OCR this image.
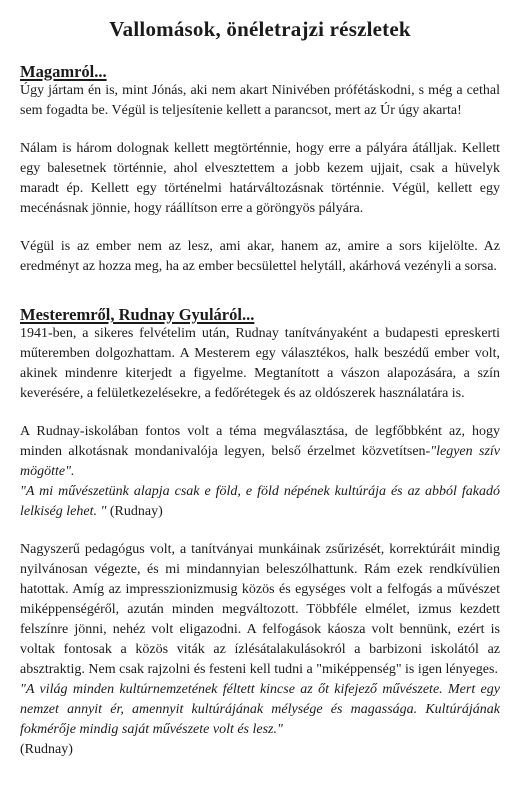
Vallomások, önéletrajzi részletek
Magamról...

Úgy jártam én is, mint Jónás, aki nem akart Ninivében prófétáskodni, s még a cethal sem fogadta be. Végül is teljesítenie kellett a parancsot, mert az Úr úgy akarta!

Nálam is három dolognak kellett megtörténnie, hogy erre a pályára átálljak. Kellett egy balesetnek történnie, ahol elvesztettem a jobb kezem ujjait, csak a hüvelyk maradt ép. Kellett egy történelmi határváltozásnak történnie. Végül, kellett egy mecénásnak jönnie, hogy ráállítson erre a göröngyös pályára.

Végül is az ember nem az lesz, ami akar, hanem az, amire a sors kijelölte. Az eredményt az hozza meg, ha az ember becsülettel helytáll, akárhová vezényli a sorsa.

Mesteremről, Rudnay Gyuláról...

1941-ben, a sikeres felvételim után, Rudnay tanítványaként a budapesti epreskerti műteremben dolgozhattam. A Mesterem egy választékos, halk beszédű ember volt, akinek mindenre kiterjedt a figyelme. Megtanított a vászon alapozására, a szín keverésére, a felületkezelésekre, a fedőrétegek és az oldószerek használatára is.

A Rudnay-iskolában fontos volt a téma megválasztása, de legfőbbként az, hogy minden alkotásnak mondanivalója legyen, belső érzelmet közvetítsen-"legyen szív mögötte".

"A mi művészetünk alapja csak e föld, e föld népének kultúrája és az abból fakadó lelkiség lehet. " (Rudnay)

Nagyszerű pedagógus volt, a tanítványai munkáinak zsűrizését, korrektúráit mindig nyilvánosan végezte, és mi mindannyian beleszólhattunk. Rám ezek rendkívülien hatottak. Amíg az impresszionizmusig közös és egységes volt a felfogás a művészet miképpenségéről, azután minden megváltozott. Többféle elmélet, izmus kezdett felszínre jönni, nehéz volt eligazodni. A felfogások káosza volt bennünk, ezért is voltak fontosak a közös viták az ízlésátalakulásokról a barbizoni iskolától az absztraktig. Nem csak rajzolni és festeni kell tudni a "miképpenség" is igen lényeges.

"A világ minden kultúrnemzetének féltett kincse az őt kifejező művészete. Mert egy nemzet annyit ér, amennyit kultúrájának mélysége és magassága. Kultúrájának fokmérője mindig saját művészete volt és lesz."

(Rudnay)
